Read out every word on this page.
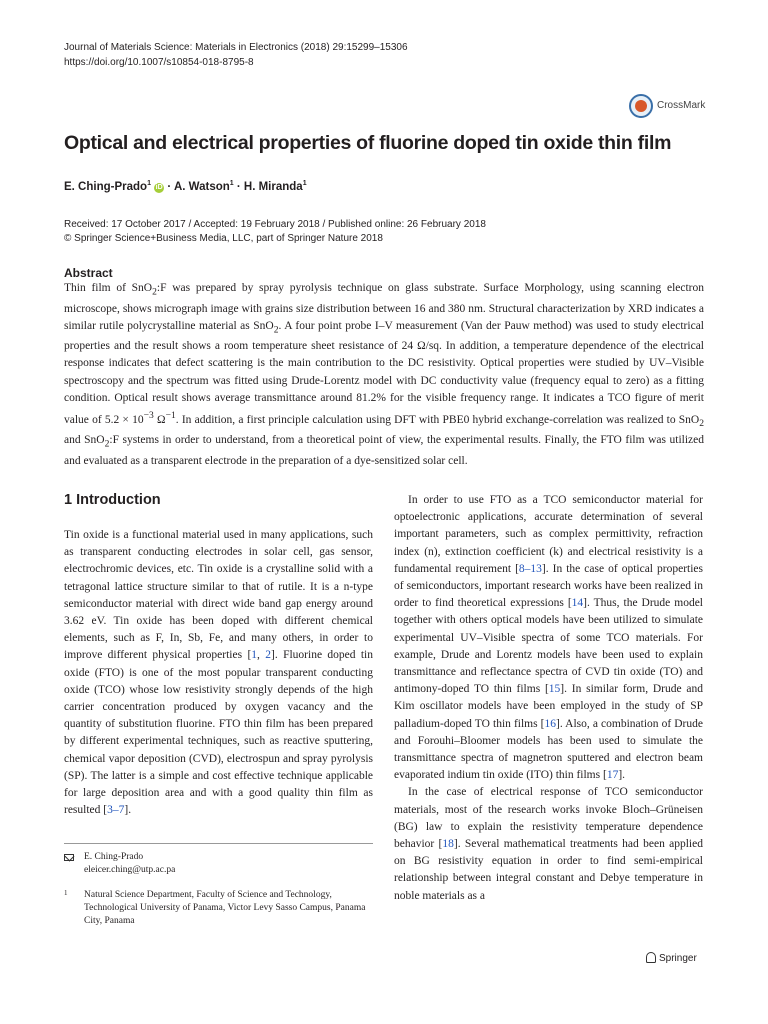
Journal of Materials Science: Materials in Electronics (2018) 29:15299–15306
https://doi.org/10.1007/s10854-018-8795-8
CrossMark
Optical and electrical properties of fluorine doped tin oxide thin film
E. Ching-Prado$^1$ iD · A. Watson$^1$ · H. Miranda$^1$
Received: 17 October 2017 / Accepted: 19 February 2018 / Published online: 26 February 2018
© Springer Science+Business Media, LLC, part of Springer Nature 2018
Abstract
Thin film of SnO$_2$:F was prepared by spray pyrolysis technique on glass substrate. Surface Morphology, using scanning electron microscope, shows micrograph image with grains size distribution between 16 and 380 nm. Structural characterization by XRD indicates a similar rutile polycrystalline material as SnO$_2$. A four point probe I–V measurement (Van der Pauw method) was used to study electrical properties and the result shows a room temperature sheet resistance of 24 Ω/sq. In addition, a temperature dependence of the electrical response indicates that defect scattering is the main contribution to the DC resistivity. Optical properties were studied by UV–Visible spectroscopy and the spectrum was fitted using Drude-Lorentz model with DC conductivity value (frequency equal to zero) as a fitting condition. Optical result shows average transmittance around 81.2% for the visible frequency range. It indicates a TCO figure of merit value of $5.2 \times 10^{-3}$ $\Omega^{-1}$. In addition, a first principle calculation using DFT with PBE0 hybrid exchange-correlation was realized to SnO$_2$ and SnO$_2$:F systems in order to understand, from a theoretical point of view, the experimental results. Finally, the FTO film was utilized and evaluated as a transparent electrode in the preparation of a dye-sensitized solar cell.
1 Introduction
Tin oxide is a functional material used in many applications, such as transparent conducting electrodes in solar cell, gas sensor, electrochromic devices, etc. Tin oxide is a crystalline solid with a tetragonal lattice structure similar to that of rutile. It is a n-type semiconductor material with direct wide band gap energy around 3.62 eV. Tin oxide has been doped with different chemical elements, such as F, In, Sb, Fe, and many others, in order to improve different physical properties [1, 2]. Fluorine doped tin oxide (FTO) is one of the most popular transparent conducting oxide (TCO) whose low resistivity strongly depends of the high carrier concentration produced by oxygen vacancy and the quantity of substitution fluorine. FTO thin film has been prepared by different experimental techniques, such as reactive sputtering, chemical vapor deposition (CVD), electrospun and spray pyrolysis (SP). The latter is a simple and cost effective technique applicable for large deposition area and with a good quality thin film as resulted [3–7].
In order to use FTO as a TCO semiconductor material for optoelectronic applications, accurate determination of several important parameters, such as complex permittivity, refraction index (n), extinction coefficient (k) and electrical resistivity is a fundamental requirement [8–13]. In the case of optical properties of semiconductors, important research works have been realized in order to find theoretical expressions [14]. Thus, the Drude model together with others optical models have been utilized to simulate experimental UV–Visible spectra of some TCO materials. For example, Drude and Lorentz models have been used to explain transmittance and reflectance spectra of CVD tin oxide (TO) and antimony-doped TO thin films [15]. In similar form, Drude and Kim oscillator models have been employed in the study of SP palladium-doped TO thin films [16]. Also, a combination of Drude and Forouhi–Bloomer models has been used to simulate the transmittance spectra of magnetron sputtered and electron beam evaporated indium tin oxide (ITO) thin films [17].
In the case of electrical response of TCO semiconductor materials, most of the research works invoke Bloch–Grüneisen (BG) law to explain the resistivity temperature dependence behavior [18]. Several mathematical treatments had been applied on BG resistivity equation in order to find semi-empirical relationship between integral constant and Debye temperature in noble materials as a
E. Ching-Prado
eleicer.ching@utp.ac.pa
1 Natural Science Department, Faculty of Science and Technology, Technological University of Panama, Victor Levy Sasso Campus, Panama City, Panama
Springer
